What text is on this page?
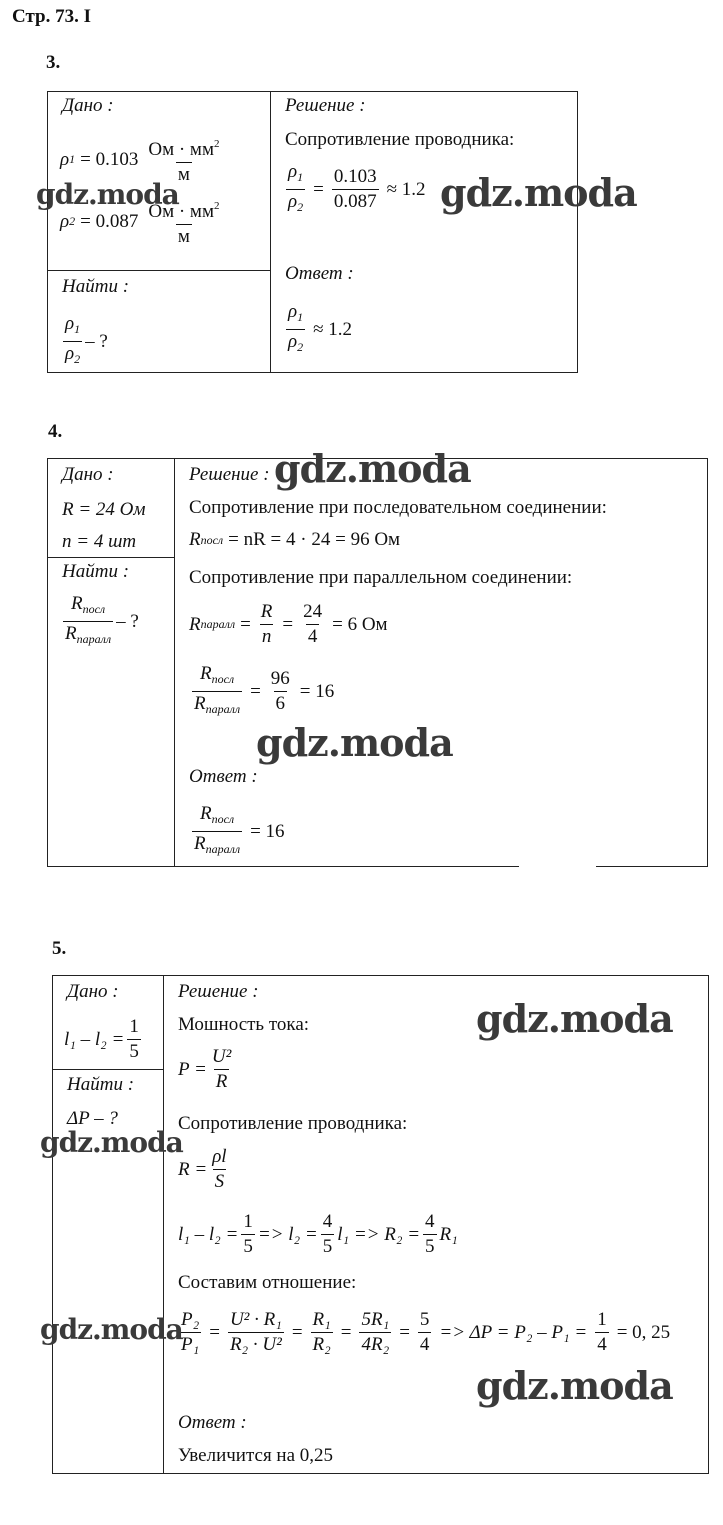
Стр. 73. I
3.
Дано :
ρ $1 = 0.103 \frac{Ом \cdot мм^2}{м}$
ρ $2 = 0.087 \frac{Ом \cdot мм^2}{м}$
Найти :
$\frac{\rho_1}{\rho_2}$ – ?
Решение :
Сопротивление проводника:
$\frac{\rho_1}{\rho_2} = \frac{0.103}{0.087} \approx 1.2$
Ответ :
$\frac{\rho_1}{\rho_2} \approx 1.2$
gdz.moda	gdz.moda
4.
Дано :
R = 24 Ом
n = 4 шт
Найти :
$\frac{R_{посл}}{R_{паралл}}$ – ?
Решение :
Сопротивление при последовательном соединении:
R посл = nR = 4 · 24 = 96 Ом
Сопротивление при параллельном соединении:
R паралл = $\frac{R}{n} = \frac{24}{4} = 6$ Ом
$\frac{R_{посл}}{R_{паралл}} = \frac{96}{6} = 16$
Ответ :
$\frac{R_{посл}}{R_{паралл}} = 16$
gdz.moda
gdz.moda
5.
Дано :
$l_1 - l_2 = \frac{1}{5}$
Найти :
ΔP – ?
Решение :
Мошность тока:
$P = \frac{\text{U²}}{R}$
Сопротивление проводника:
$R = \frac{\rho l}{S}$
$l_1 - l_2 = \frac{1}{5} => l_2 = \frac{4}{5} l_1 => R_2 = \frac{4}{5} R_1$
Составим отношение:
$\frac{\text{P₂}}{\text{P₁}} = \frac{\text{U² · R₁}}{\text{R₂ · U²}} = \frac{\text{R₁}}{\text{R₂}} = \frac{\text{5R₁}}{\text{4R₂}} = \frac{5}{4} => \Delta P = P_2 - P_1 = \frac{1}{4} = 0$, 25
Ответ :
Увеличится на 0,25
gdz.moda
gdz.moda
gdz.moda
gdz.moda
